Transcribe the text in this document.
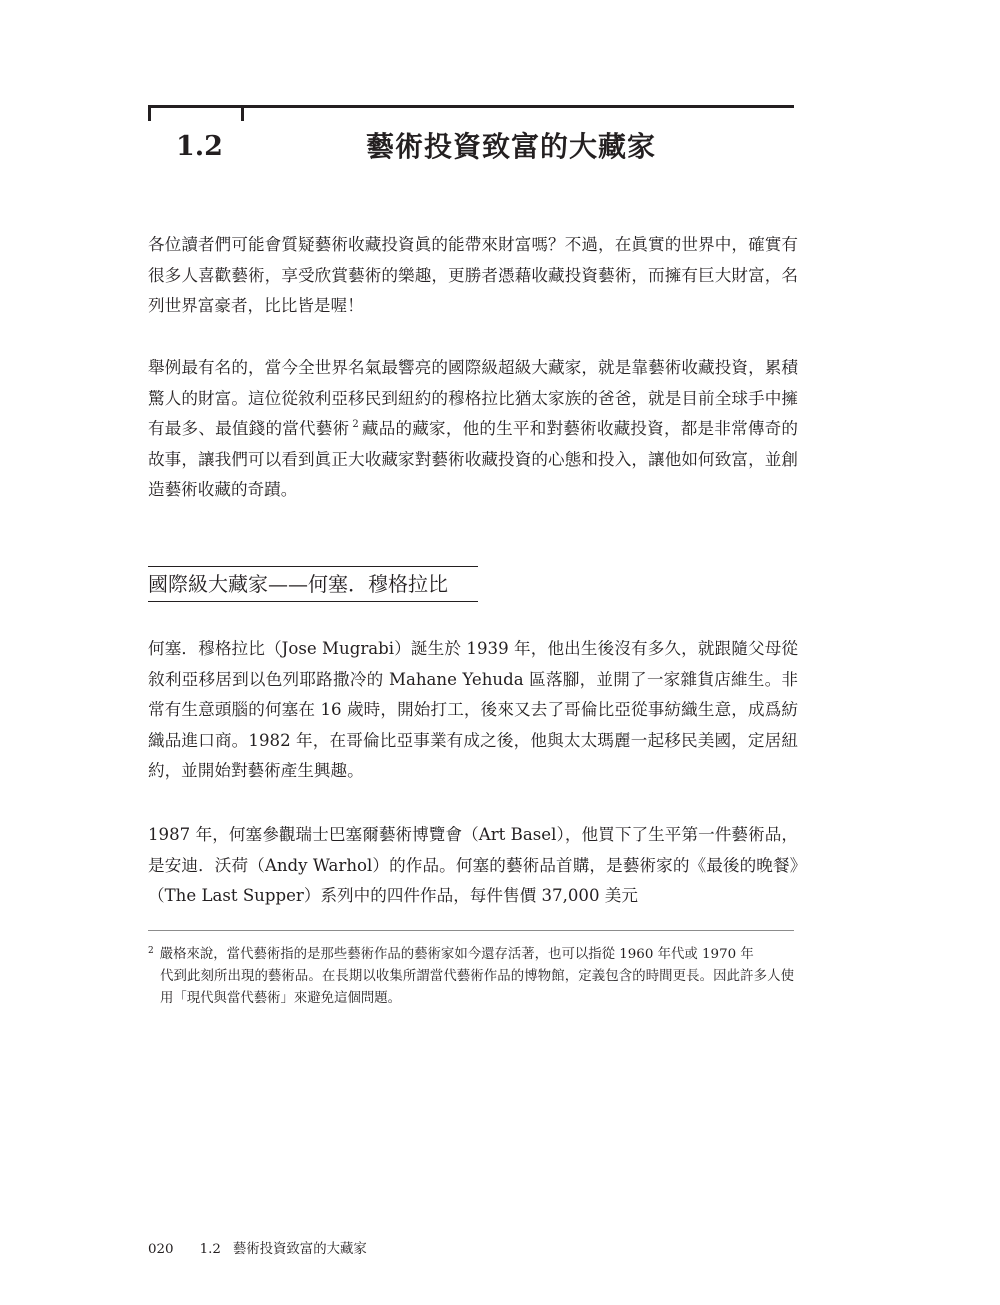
1.2	藝術投資致富的大藏家

各位讀者們可能會質疑藝術收藏投資眞的能帶來財富嗎？不過，在眞實的世界中，確實有很多人喜歡藝術，享受欣賞藝術的樂趣，更勝者憑藉收藏投資藝術，而擁有巨大財富，名列世界富豪者，比比皆是喔！

舉例最有名的，當今全世界名氣最響亮的國際級超級大藏家，就是靠藝術收藏投資，累積驚人的財富。這位從敘利亞移民到紐約的穆格拉比猶太家族的爸爸，就是目前全球手中擁有最多、最值錢的當代藝術 $^2$ 藏品的藏家，他的生平和對藝術收藏投資，都是非常傳奇的故事，讓我們可以看到眞正大收藏家對藝術收藏投資的心態和投入，讓他如何致富，並創造藝術收藏的奇蹟。

國際級大藏家——何塞．穆格拉比

何塞．穆格拉比（Jose Mugrabi）誕生於 1939 年，他出生後沒有多久，就跟隨父母從敘利亞移居到以色列耶路撒冷的 Mahane Yehuda 區落腳，並開了一家雜貨店維生。非常有生意頭腦的何塞在 16 歲時，開始打工，後來又去了哥倫比亞從事紡織生意，成爲紡織品進口商。1982 年，在哥倫比亞事業有成之後，他與太太瑪麗一起移民美國，定居紐約，並開始對藝術產生興趣。

1987 年，何塞參觀瑞士巴塞爾藝術博覽會（Art Basel），他買下了生平第一件藝術品，是安迪．沃荷（Andy Warhol）的作品。何塞的藝術品首購，是藝術家的《最後的晚餐》（The Last Supper）系列中的四件作品，每件售價 37,000 美元

$^2$ 嚴格來說，當代藝術指的是那些藝術作品的藝術家如今還存活著，也可以指從 1960 年代或 1970 年
代到此刻所出現的藝術品。在長期以收集所謂當代藝術作品的博物館，定義包含的時間更長。因此許多人使用「現代與當代藝術」來避免這個問題。

020 1.2 藝術投資致富的大藏家
